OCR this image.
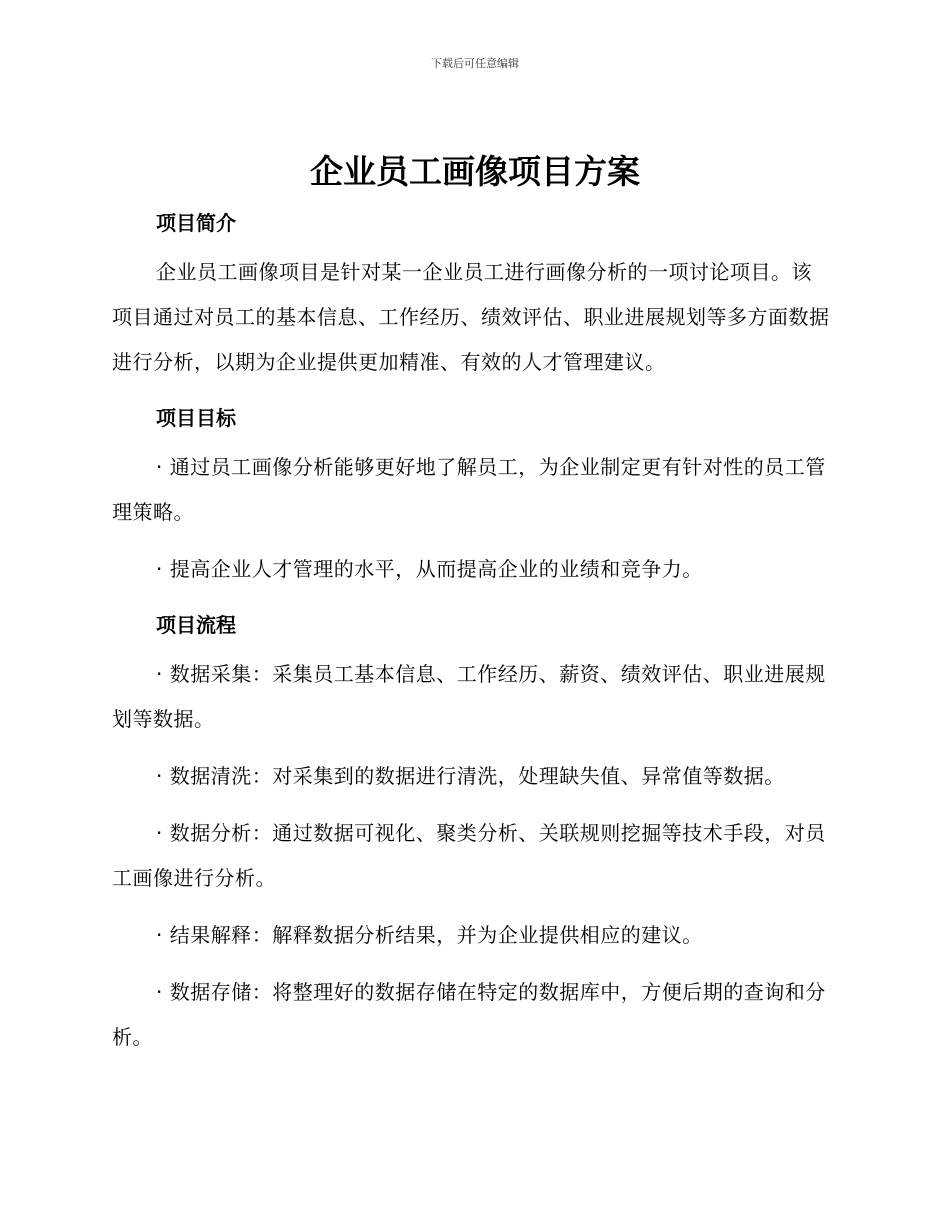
下载后可任意编辑
企业员工画像项目方案
项目简介

企业员工画像项目是针对某一企业员工进行画像分析的一项讨论项目。该项目通过对员工的基本信息、工作经历、绩效评估、职业进展规划等多方面数据进行分析，以期为企业提供更加精准、有效的人才管理建议。

项目目标

· 通过员工画像分析能够更好地了解员工，为企业制定更有针对性的员工管理策略。

· 提高企业人才管理的水平，从而提高企业的业绩和竞争力。

项目流程

· 数据采集：采集员工基本信息、工作经历、薪资、绩效评估、职业进展规划等数据。

· 数据清洗：对采集到的数据进行清洗，处理缺失值、异常值等数据。

· 数据分析：通过数据可视化、聚类分析、关联规则挖掘等技术手段，对员工画像进行分析。

· 结果解释：解释数据分析结果，并为企业提供相应的建议。

· 数据存储：将整理好的数据存储在特定的数据库中，方便后期的查询和分析。
